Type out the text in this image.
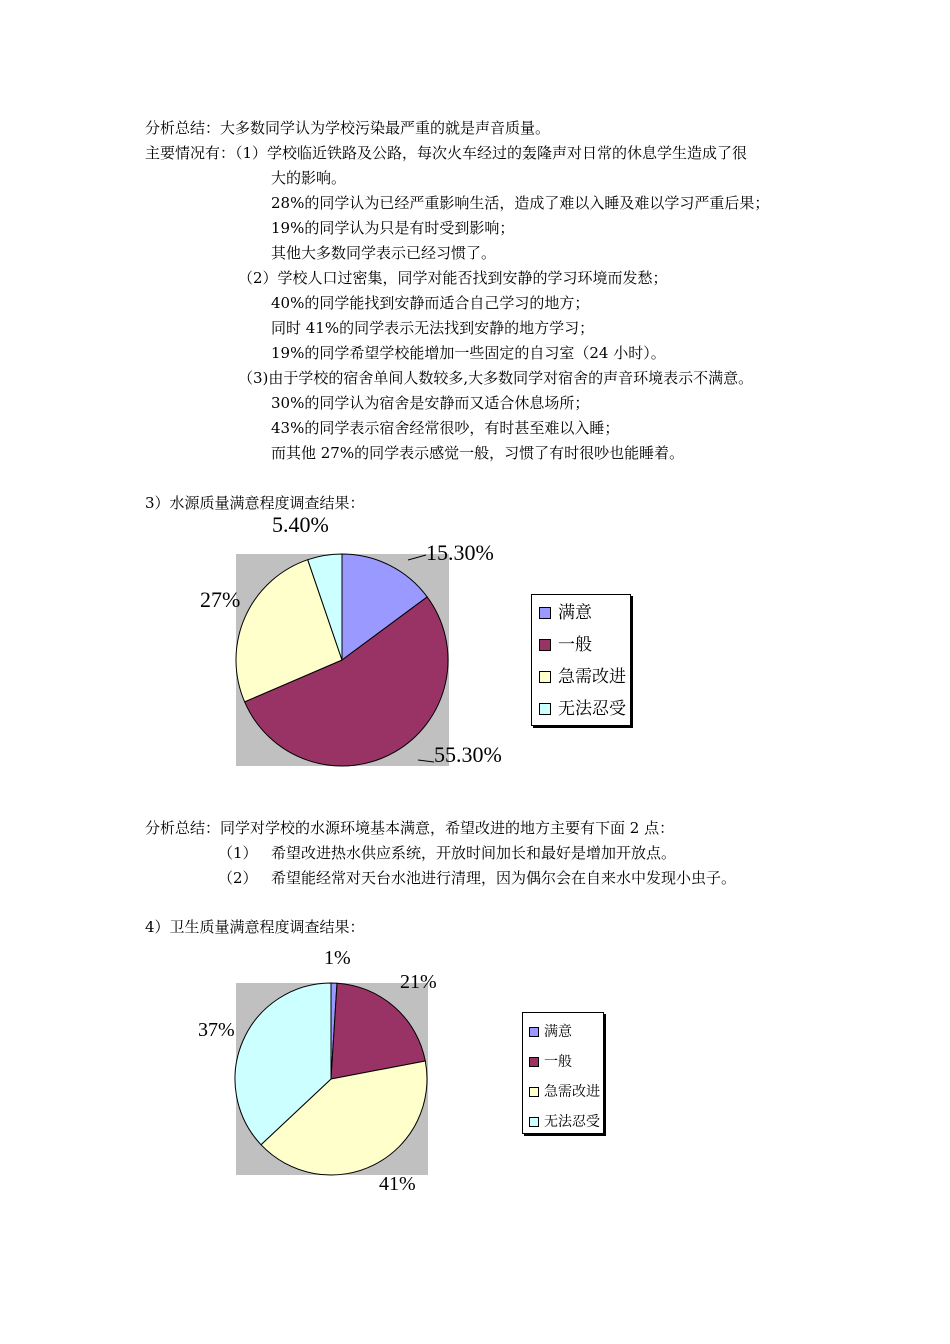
分析总结：大多数同学认为学校污染最严重的就是声音质量。
主要情况有：（1）学校临近铁路及公路，每次火车经过的轰隆声对日常的休息学生造成了很
大的影响。
28%的同学认为已经严重影响生活，造成了难以入睡及难以学习严重后果；
19%的同学认为只是有时受到影响；
其他大多数同学表示已经习惯了。
（2）学校人口过密集，同学对能否找到安静的学习环境而发愁；
40%的同学能找到安静而适合自己学习的地方；
同时 41%的同学表示无法找到安静的地方学习；
19%的同学希望学校能增加一些固定的自习室（24 小时）。
（3)由于学校的宿舍单间人数较多,大多数同学对宿舍的声音环境表示不满意。
30%的同学认为宿舍是安静而又适合休息场所；
43%的同学表示宿舍经常很吵，有时甚至难以入睡；
而其他 27%的同学表示感觉一般，习惯了有时很吵也能睡着。
3）水源质量满意程度调查结果：
15.30%
55.30%
27%
5.40%
满意
一般
急需改进
无法忍受
分析总结：同学对学校的水源环境基本满意，希望改进的地方主要有下面 2 点：
（1） 希望改进热水供应系统，开放时间加长和最好是增加开放点。
（2） 希望能经常对天台水池进行清理，因为偶尔会在自来水中发现小虫子。
4）卫生质量满意程度调查结果：
1%
21%
41%
37%	满意
一般
急需改进
无法忍受
